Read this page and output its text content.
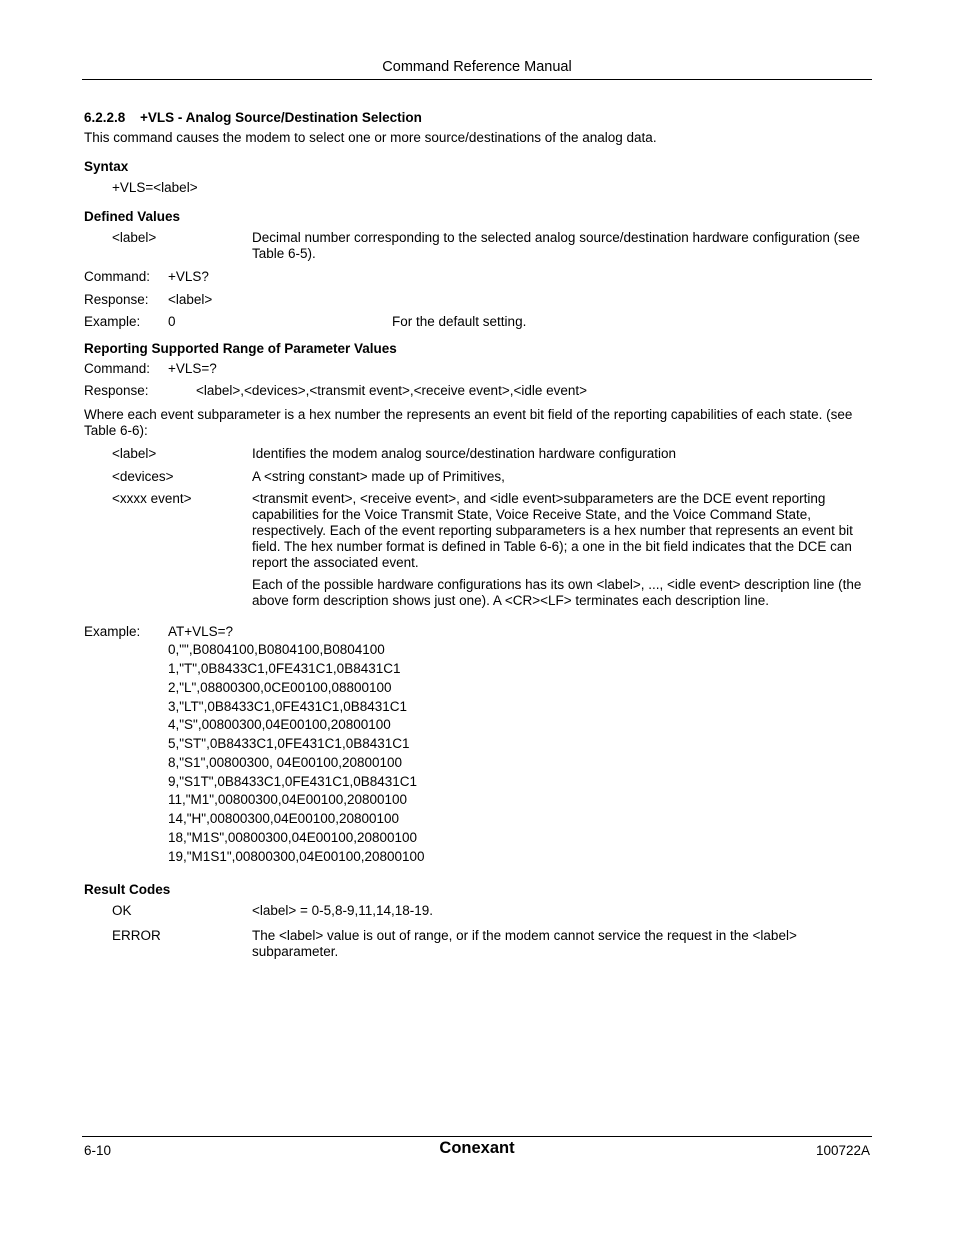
Command Reference Manual
6.2.2.8 +VLS - Analog Source/Destination Selection
This command causes the modem to select one or more source/destinations of the analog data.
Syntax
+VLS=<label>
Defined Values
<label>	Decimal number corresponding to the selected analog source/destination hardware configuration (see Table 6-5).
Command: +VLS?
Response: <label>
Example: 0	For the default setting.
Reporting Supported Range of Parameter Values
Command: +VLS=?
Response:	<label>,<devices>,<transmit event>,<receive event>,<idle event>
Where each event subparameter is a hex number the represents an event bit field of the reporting capabilities of each state. (see Table 6-6):
<label>	Identifies the modem analog source/destination hardware configuration
<devices>	A <string constant> made up of Primitives,
<xxxx event>	<transmit event>, <receive event>, and <idle event>subparameters are the DCE event reporting capabilities for the Voice Transmit State, Voice Receive State, and the Voice Command State, respectively. Each of the event reporting subparameters is a hex number that represents an event bit field. The hex number format is defined in Table 6-6); a one in the bit field indicates that the DCE can report the associated event.
Each of the possible hardware configurations has its own <label>, ..., <idle event> description line (the above form description shows just one). A <CR><LF> terminates each description line.
Example: AT+VLS=?
0,"",B0804100,B0804100,B0804100
1,"T",0B8433C1,0FE431C1,0B8431C1
2,"L",08800300,0CE00100,08800100
3,"LT",0B8433C1,0FE431C1,0B8431C1
4,"S",00800300,04E00100,20800100
5,"ST",0B8433C1,0FE431C1,0B8431C1
8,"S1",00800300, 04E00100,20800100
9,"S1T",0B8433C1,0FE431C1,0B8431C1
11,"M1",00800300,04E00100,20800100
14,"H",00800300,04E00100,20800100
18,"M1S",00800300,04E00100,20800100
19,"M1S1",00800300,04E00100,20800100
Result Codes
OK	<label> = 0-5,8-9,11,14,18-19.
ERROR	The <label> value is out of range, or if the modem cannot service the request in the <label> subparameter.
6-10	Conexant	100722A
